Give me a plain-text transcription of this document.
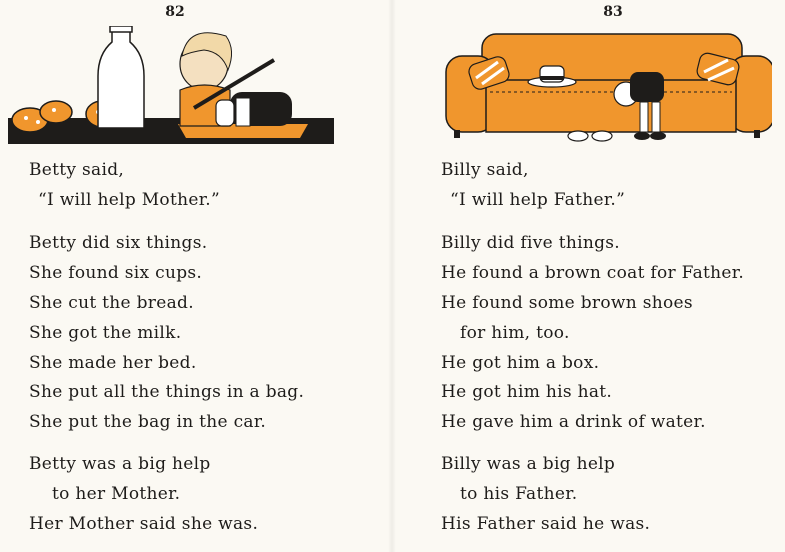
82
Betty said,
“I will help Mother.”
Betty did six things.
She found six cups.
She cut the bread.
She got the milk.
She made her bed.
She put all the things in a bag.
She put the bag in the car.
Betty was a big help
to her Mother.
Her Mother said she was.
83
Billy said,
“I will help Father.”
Billy did five things.
He found a brown coat for Father.
He found some brown shoes
for him, too.
He got him a box.
He got him his hat.
He gave him a drink of water.
Billy was a big help
to his Father.
His Father said he was.
